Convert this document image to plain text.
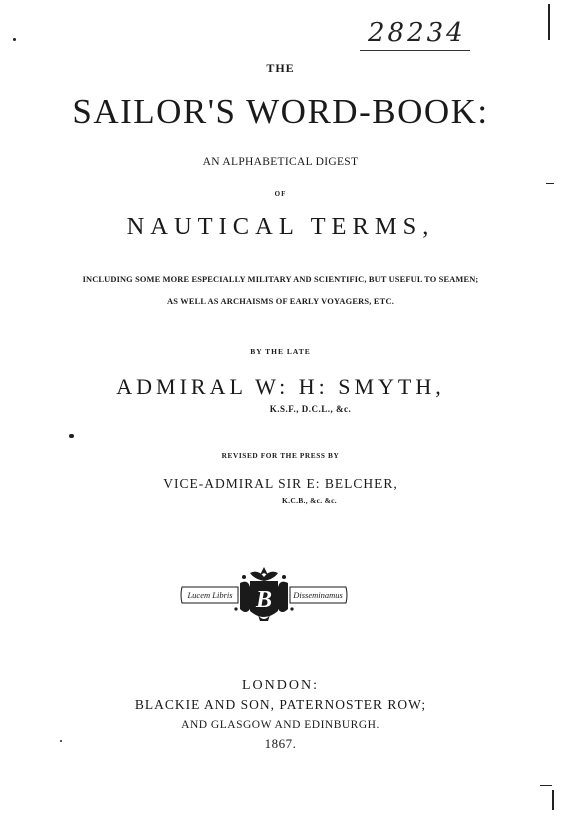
28234
THE
SAILOR'S WORD-BOOK:
AN ALPHABETICAL DIGEST
OF
NAUTICAL TERMS,
INCLUDING SOME MORE ESPECIALLY MILITARY AND SCIENTIFIC, BUT USEFUL TO SEAMEN;
AS WELL AS ARCHAISMS OF EARLY VOYAGERS, ETC.
BY THE LATE
ADMIRAL W: H: SMYTH,
K.S.F., D.C.L., &c.
REVISED FOR THE PRESS BY
VICE-ADMIRAL SIR E: BELCHER,
K.C.B., &c. &c.
Lucem Libris	Disseminamus
B
LONDON:
BLACKIE AND SON, PATERNOSTER ROW;
AND GLASGOW AND EDINBURGH.
1867.
